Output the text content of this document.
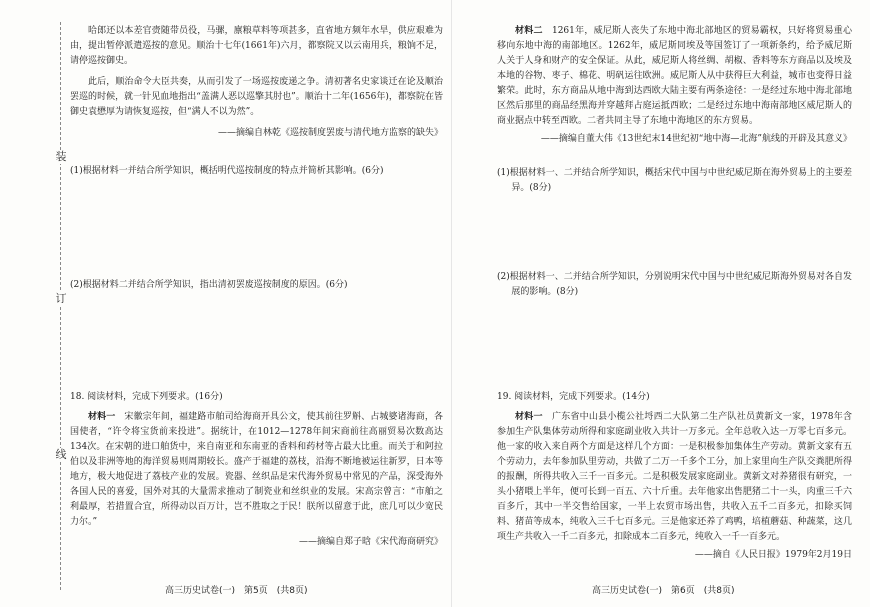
装
订
线

哈郎还以本差官赍随带员役，马骡，廪粮草料等项甚多，直省地方频年水旱，供应艰难为由，提出暂停派遣巡按的意见。顺治十七年(1661年)六月，都察院又以云南用兵，粮饷不足，请停巡按御史。

此后，顺治命令大臣共奏，从而引发了一场巡按废递之争。清初著名史家谈迁在论及顺治罢巡的时候，就一针见血地指出“盖满人恶以巡擎其肘也”。顺治十二年(1656年)，都察院在皆御史袁懋厚为请恢复巡按，但“满人不以为然”。

——摘编自林乾《巡按制度罢废与清代地方监察的缺失》

(1)根据材料一并结合所学知识，概括明代巡按制度的特点并简析其影响。(6分)

(2)根据材料二并结合所学知识，指出清初罢废巡按制度的原因。(6分)

18. 阅读材料，完成下列要求。(16分)

材料一　 宋徽宗年间，福建路市舶司给海商开具公文，使其前往罗斛、占城婆诸海商，各国使者，“许令将宝货前来投进”。据统计，在1012—1278年间宋商前往高丽贸易次数高达134次。在宋朝的进口舶货中，来自南亚和东南亚的香料和药材等占最大比重。而关于和阿拉伯以及非洲等地的海洋贸易则周期较长。盛产于福建的荔枝，沿海不断地被运往新罗，日本等地方，极大地促进了荔枝产业的发展。瓷器、丝织品是宋代海外贸易中常见的产品，深受海外各国人民的喜爱，国外对其的大量需求推动了制瓷业和丝织业的发展。宋高宗曾言：“市舶之利最厚，若措置合宜，所得动以百万计，岂不胜取之于民！朕所以留意于此，庶几可以少宽民力尔。”

——摘编自郑子晗《宋代海商研究》

高三历史试卷(一)　第5页　(共8页)

材料二　 1261年，威尼斯人丧失了东地中海北部地区的贸易霸权，只好将贸易重心移向东地中海的南部地区。1262年，威尼斯同埃及等国签订了一项新条约，给予威尼斯人关于人身和财产的安全保证。从此，威尼斯人将丝绸、胡椒、香料等东方商品以及埃及本地的谷物、枣子、棉花、明矾运往欧洲。威尼斯人从中获得巨大利益，城市也变得日益繁荣。此时，东方商品从地中海到达西欧大陆主要有两条途径：一是经过东地中海北部地区然后那里的商品经黑海并穿越拜占庭运抵西欧；二是经过东地中海南部地区威尼斯人的商业据点中转至西欧。二者共同主导了东地中海地区的东方贸易。

——摘编自董大伟《13世纪末14世纪初“地中海—北海”航线的开辟及其意义》

(1)根据材料一、二并结合所学知识，概括宋代中国与中世纪威尼斯在海外贸易上的主要差异。(8分)

(2)根据材料一、二并结合所学知识，分别说明宋代中国与中世纪威尼斯海外贸易对各自发展的影响。(8分)

19. 阅读材料，完成下列要求。(14分)

材料一　 广东省中山县小榄公社埒西二大队第二生产队社员黄新文一家，1978年含参加生产队集体劳动所得和家庭副业收入共计一万多元。全年总收入达一万零七百多元。他一家的收入来自两个方面是这样几个方面：一是积极参加集体生产劳动。黄新文家有五个劳动力，去年参加队里劳动，共做了二万一千多个工分，加上家里向生产队交粪肥所得的报酬，所得共收入三千一百多元。二是积极发展家庭副业。黄新文对养猪很有研究，一头小猪喂上半年，便可长到一百五、六十斤重。去年他家出售肥猪二十一头，肉重三千六百多斤，其中一半交售给国家，一半上农贸市场出售，共收入五千二百多元，扣除买饲料、猪苗等成本，纯收入三千七百多元。三是他家还养了鸡鸭，培植蘑菇、种蔬菜，这几项生产共收入一千二百多元，扣除成本二百多元，纯收入一千一百多元。

——摘自《人民日报》1979年2月19日

高三历史试卷(一)　第6页　(共8页)
